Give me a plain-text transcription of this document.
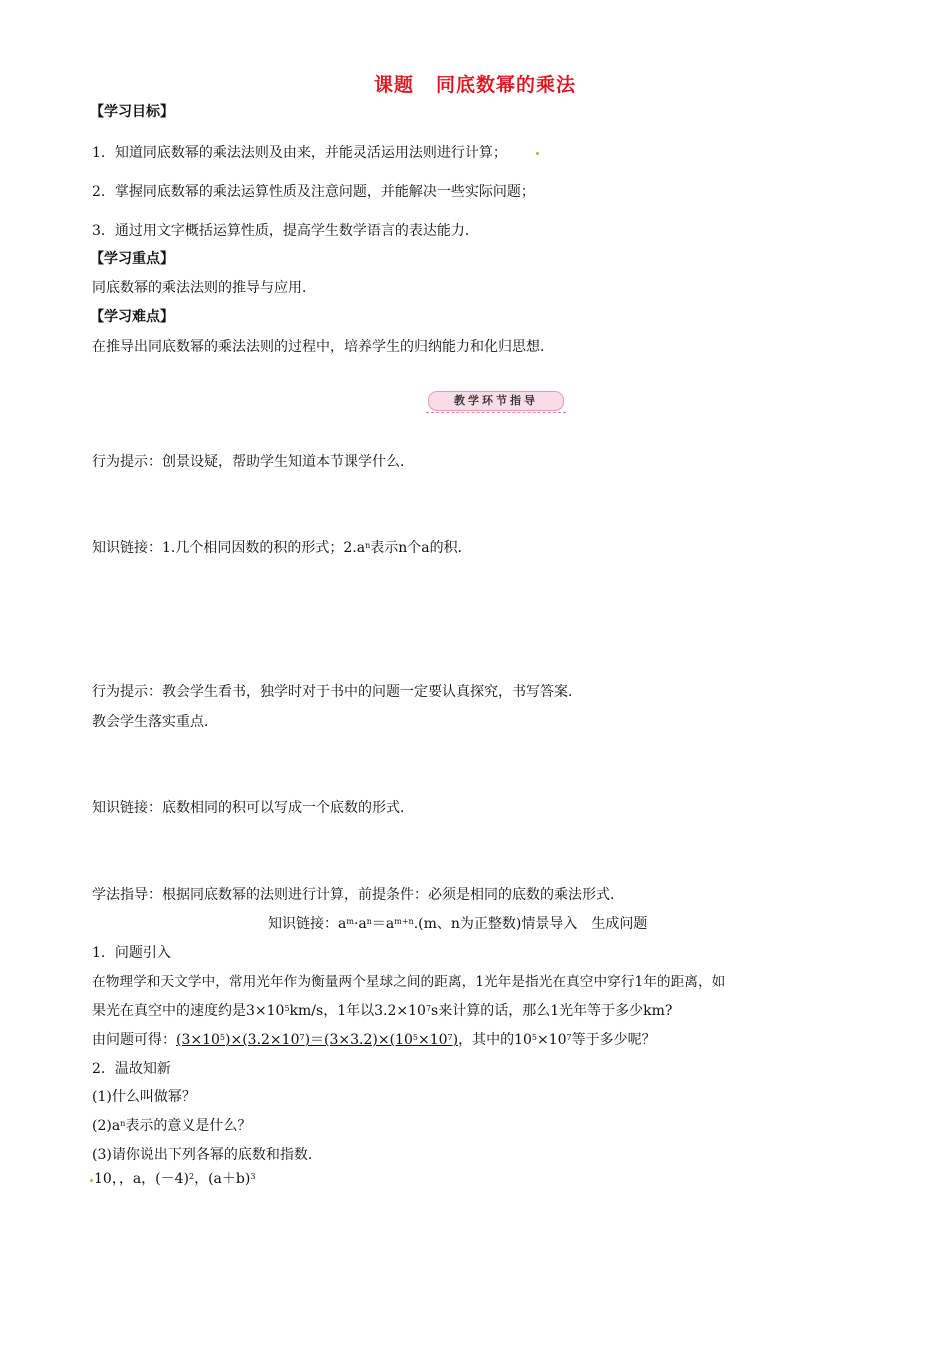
课题 同底数幂的乘法
【学习目标】
1．知道同底数幂的乘法法则及由来，并能灵活运用法则进行计算；
2．掌握同底数幂的乘法运算性质及注意问题，并能解决一些实际问题；
3．通过用文字概括运算性质，提高学生数学语言的表达能力．
【学习重点】
同底数幂的乘法法则的推导与应用．
【学习难点】
在推导出同底数幂的乘法法则的过程中，培养学生的归纳能力和化归思想．
教学环节指导
行为提示：创景设疑，帮助学生知道本节课学什么．
知识链接：1.几个相同因数的积的形式；$2.a^n$表示n个a的积．
行为提示：教会学生看书，独学时对于书中的问题一定要认真探究，书写答案．
教会学生落实重点．
知识链接：底数相同的积可以写成一个底数的形式．
学法指导：根据同底数幂的法则进行计算，前提条件：必须是相同的底数的乘法形式．
知识链接：$a^m\cdot a^n=a^{m+n}.(m$、n为正整数)情景导入　生成问题
1．问题引入
在物理学和天文学中，常用光年作为衡量两个星球之间的距离，1光年是指光在真空中穿行1年的距离，如
果光在真空中的速度约是$3\times 10^5km/s$，1年以$3.2\times 10^7s$来计算的话，那么1光年等于多少km?
由问题可得：$(3\times 10^5)\times(3.2\times 10^7)=(3\times 3.2)\times(10^5\times 10^7)$，其中的$10^5\times 10^7$等于多少呢？
2．温故知新
(1)什么叫做幂？
$(2)a^n$表示的意义是什么？
(3)请你说出下列各幂的底数和指数．
10，，a，$(-4)^2$，$(a+b)^3$
